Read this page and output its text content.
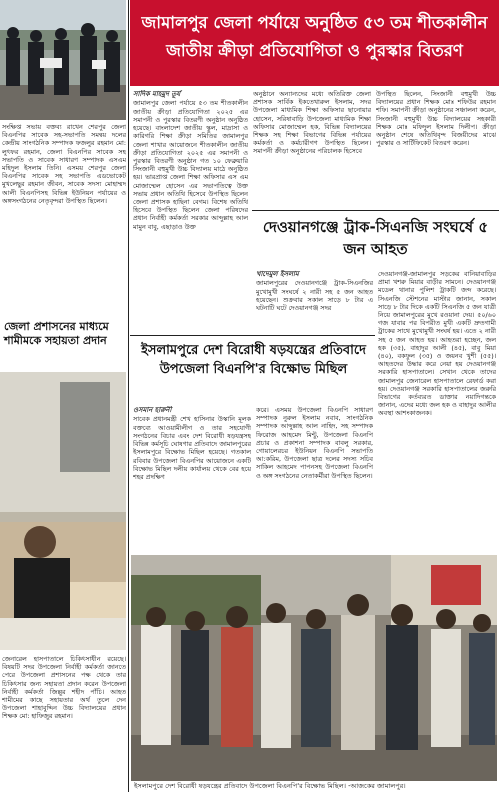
সংক্ষিপ্ত সভায় বক্তব্য রাখেন শেরপুর জেলা বিএনপির সাবেক সহ-সভাপতি সমন্বয় দলের কেন্দ্রীয় সাংগঠনিক সম্পাদক ফজলুর রহমান মো: লুৎফর রহমান, জেলা বিএনপির সাবেক সহ সভাপতি ও সাবেক সাধারণ সম্পাদক এসএম মহিদুল ইসলাম তিনি। এসময় শেরপুর জেলা বিএনপির সাবেক সহ সভাপতি এডভোকেট মুখলেছুর রহমান জীবন, সাবেক সদস্য মোহাম্মদ আলী বিএনপিসহ বিভিন্ন ইউনিয়ন পর্যায়ের ও অঙ্গসংগঠনের নেতৃবৃন্দরা উপস্থিত ছিলেন।
জেলা প্রশাসনের মাধ্যমে শামীমকে সহায়তা প্রদান
জেনারেল হাসপাতালে চিকিৎসাধীন রয়েছে। বিষয়টি সদর উপজেলা নির্বাহী কর্মকর্তা জানতে পেরে উপজেলা প্রশাসনের পক্ষ থেকে তার চিকিৎসার জন্য সহায়তা প্রদান করেন উপজেলা নির্বাহী কর্মকর্তা জিল্লুর শহীদ পাঁচি। আহত শামীমের কাছে সহায়তার অর্থ তুলে দেন উপজেলা শাহাবুদ্দিন উচ্চ বিদ্যালয়ের প্রধান শিক্ষক মো: হাফিজুর রহমান।
জামালপুর জেলা পর্যায়ে অনুষ্ঠিত ৫৩ তম শীতকালীন জাতীয় ক্রীড়া প্রতিযোগিতা ও পুরস্কার বিতরণ
সাদিক মাহমুদ তূর্য
জামালপুর জেলা পর্যায়ে ৫৩ তম শীতকালীন জাতীয় ক্রীড়া প্রতিযোগিতা ২০২৫ এর সমাপনী ও পুরস্কার বিতরণী অনুষ্ঠান অনুষ্ঠিত হয়েছে। বাংলাদেশ জাতীয় স্কুল, মাদ্রাসা ও কারিগরি শিক্ষা ক্রীড়া সমিতির জামালপুর জেলা শাখার আয়োজনে শীতকালীন জাতীয় ক্রীড়া প্রতিযোগিতা ২০২৫ এর সমাপনী ও পুরস্কার বিতরণী অনুষ্ঠান গত ১০ ফেব্রুয়ারি সিংজানী বহুমুখী উচ্চ বিদ্যালয় মাঠে অনুষ্ঠিত হয়। ভারপ্রাপ্ত জেলা শিক্ষা অফিসার এস এম মোজাম্মেল হোসেন এর সভাপতিত্বে উক্ত সভায় প্রধান অতিথি হিসেবে উপস্থিত ছিলেন জেলা প্রশাসক হাছিনা বেগম। বিশেষ অতিথি হিসেবে উপস্থিত ছিলেন জেলা পরিষদের প্রধান নির্বাহী কর্মকর্তা সরকার আব্দুল্লাহ আল মামুন বাবু, এছাড়াও উক্ত
অনুষ্ঠানে অন্যান্যদের মধ্যে অতিরিক্ত জেলা প্রশাসক সার্বিক ইকতেখারুল ইসলাম, সদর উপজেলা মাধ্যমিক শিক্ষা অফিসার ছানোয়ার হোসেন, সরিষাবাড়ি উপজেলা মাধ্যমিক শিক্ষা অফিসার মোজাম্মেল হক, বিভিন্ন বিদ্যালয়ের শিক্ষক সহ শিক্ষা বিভাগের বিভিন্ন পর্যায়ের কর্মকর্তা ও কর্মচারীগণ উপস্থিত ছিলেন। সমাপনী ক্রীড়া অনুষ্ঠানের পরিচালক হিসেবে
উপস্থিত ছিলেন, সিংজানী বহুমুখী উচ্চ বিদ্যালয়ের প্রধান শিক্ষক মোঃ শফিউর রহমান শফি। সমাপনী ক্রীড়া অনুষ্ঠানের সঞ্চালনা করেন, সিংজানী বহুমুখী উচ্চ বিদ্যালয়ের সহকারী শিক্ষক মোঃ মফিদুল ইসলাম দিলীপ। ক্রীড়া অনুষ্ঠান শেষে অতিথিবৃন্দ বিজয়ীদের মাঝে পুরস্কার ও সার্টিফিকেট বিতরণ করেন।
দেওয়ানগঞ্জে ট্রাক-সিএনজি সংঘর্ষে ৫ জন আহত
খাদেমুল ইসলাম
জামালপুরের দেওয়ানগঞ্জে ট্রাক-সিএনজির মুখোমুখী সংঘর্ষে ২ নারী সহ ৫ জন আহত হয়েছেন। শুক্রবার সকাল সাড়ে ৮ টার এ ঘটনাটি ঘটে দেওয়ানগঞ্জ সদর
দেওয়ানগঞ্জ-জামালপুর সড়কের বানিয়াবাড়ির প্রামা খশরু মিয়ার বাড়ীর সামনে। দেওয়ানগঞ্জ মডেল থানার পুলিশ ট্রাকটি জব্দ করেছে। সিএনজি স্টেশনের মাস্টার জানান, সকাল সাড়ে ৮ টার দিকে একটি সিএনজি ৫ জন যাত্রী নিয়ে জামালপুরের মুখে রওয়ানা দেয়। ৫০/৬০ গজ যাবার পর বিপরীত মুখী একটি দ্রুতগামী ট্রাকের সাথে মুখোমুখী সংঘর্ষ হয়। এতে ২ নারী সহ ৫ জন আহত হয়। আহতরা হচ্ছেন, জল হক (৩৫), বাহাদুর আলী (৪৫), বাবু মিয়া (৪০), বকফুল (৩৫) ও জয়নব খুশী (৫৫)। আহতদের উদ্ধার করে নেয়া হয় দেওয়ানগঞ্জ সরকারি হাসপাতালে। সেখান থেকে তাদের জামালপুর জেনারেল হাসপাতালে রেফার্ড করা হয়। দেওয়ানগঞ্জ সরকারি হাসপাতালের জরুরি বিভাগের কর্তব্যরত ডাক্তার নয়াদিগন্তকে জানান, এদের মধ্যে জল হক ও বাহাদুর আলীর অবস্থা আশংকাজনক।
ইসলামপুরে দেশ বিরোধী ষড়যন্ত্রের প্রতিবাদে উপজেলা বিএনপি'র বিক্ষোভ মিছিল
ওসমান হারুনী
সাবেক প্রধানমন্ত্রী শেখ হাসিনার উস্কানি মূলক বক্তব্যে আওয়ামীলীগ ও তার সহযোগী সংগঠনের বিচার এবং দেশ বিরোধী ষড়যন্ত্রসহ বিভিন্ন কর্মসূচি ঘোষণার প্রতিবাদে জামালপুরের ইসলামপুরে বিক্ষোভ মিছিল হয়েছে। গতকাল রবিবার উপজেলা বিএনপির আয়োজনে একটি বিক্ষোভ মিছিল দলীয় কার্যালয় থেকে বের হয়ে শহর প্রদক্ষিণ
করে। এসময় উপজেলা বিএনপি সাধারণ সম্পাদক নুরুল ইসলাম নবাব, সাংগঠনিক সম্পাদক আব্দুল্লাহ আল নাহিদ, সহ সম্পাদক ফিরোজ আহমেদ মিন্টু, উপজেলা বিএনপি প্রচার ও প্রকাশনা সম্পাদক বাবলু সরকার, গোয়ালেরচর ইউনিয়ন বিএনপি সভাপতি আ:করিম, উপজেলা ছাত্র দলের সদস্য সচিব সাকিল আহমেদ পাপনসহ উপজেলা বিএনপি ও অঙ্গ সংগঠনের নেতাকর্মীরা উপস্থিত ছিলেন।
ইসলামপুরে দেশ বিরোধী ষড়যন্ত্রের প্রতিবাদে উপজেলা বিএনপি'র বিক্ষোভ মিছিল। -আজকের জামালপুর।
